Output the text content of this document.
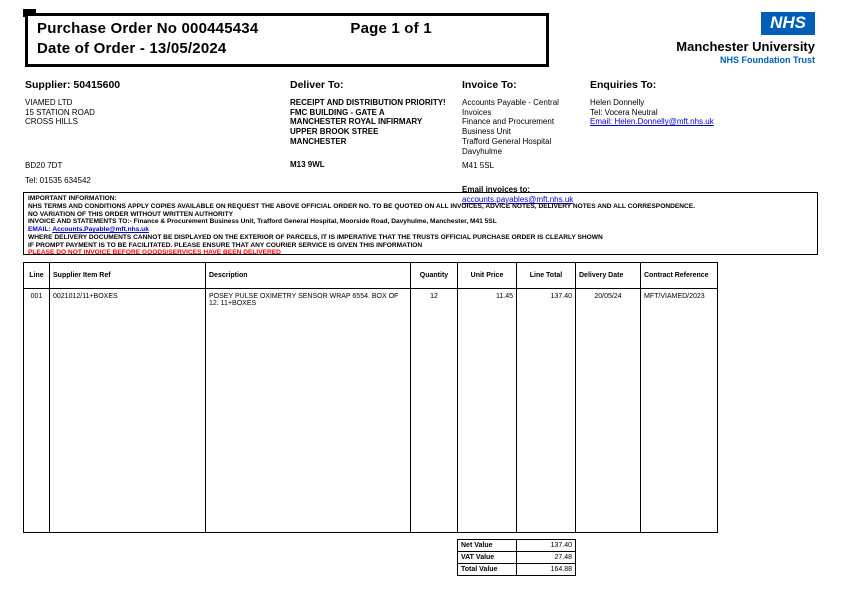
Purchase Order No 000445434	Page 1 of 1
Date of Order - 13/05/2024
NHS
Manchester University
NHS Foundation Trust
Supplier: 50415600
VIAMED LTD
15 STATION ROAD
CROSS HILLS
BD20 7DT
Tel: 01535 634542
Deliver To:
RECEIPT AND DISTRIBUTION PRIORITY!
FMC BUILDING - GATE A
MANCHESTER ROYAL INFIRMARY
UPPER BROOK STREE
MANCHESTER
M13 9WL
Invoice To:
Accounts Payable - Central Invoices
Finance and Procurement Business Unit
Trafford General Hospital
Davyhulme
M41 5SL
Email invoices to:
accounts.payables@mft.nhs.uk
Enquiries To:
Helen Donnelly
Tel: Vocera Neutral
Email: Helen.Donnelly@mft.nhs.uk
IMPORTANT INFORMATION:
NHS TERMS AND CONDITIONS APPLY COPIES AVAILABLE ON REQUEST THE ABOVE OFFICIAL ORDER NO. TO BE QUOTED ON ALL INVOICES, ADVICE NOTES, DELIVERY NOTES AND ALL CORRESPONDENCE.
NO VARIATION OF THIS ORDER WITHOUT WRITTEN AUTHORITY
INVOICE AND STATEMENTS TO:- Finance & Procurement Business Unit, Trafford General Hospital, Moorside Road, Davyhulme, Manchester, M41 5SL
EMAIL: Accounts.Payable@mft.nhs.uk
WHERE DELIVERY DOCUMENTS CANNOT BE DISPLAYED ON THE EXTERIOR OF PARCELS, IT IS IMPERATIVE THAT THE TRUSTS OFFICIAL PURCHASE ORDER IS CLEARLY SHOWN
IF PROMPT PAYMENT IS TO BE FACILITATED. PLEASE ENSURE THAT ANY COURIER SERVICE IS GIVEN THIS INFORMATION
PLEASE DO NOT INVOICE BEFORE GOODS/SERVICES HAVE BEEN DELIVERED
Line	Supplier Item Ref	Description	Quantity	Unit Price	Line Total	Delivery Date	Contract Reference
001	0021012/11+BOXES	POSEY PULSE OXIMETRY SENSOR WRAP 6554. BOX OF 12. 11+BOXES	12	11.45	137.40	20/05/24	MFT/VIAMED/2023
Net Value	137.40
VAT Value	27.48
Total Value	164.88
